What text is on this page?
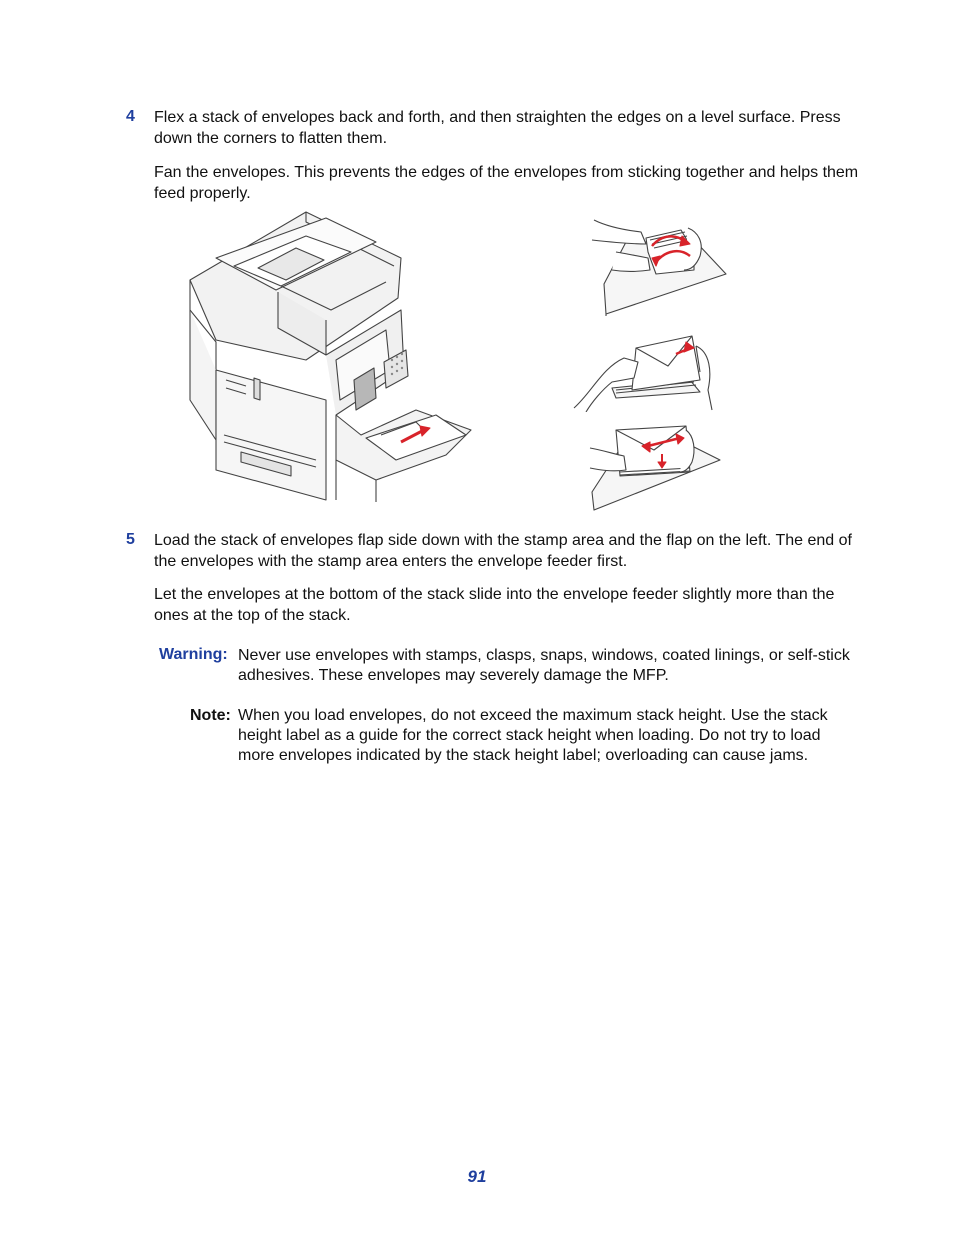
4 Flex a stack of envelopes back and forth, and then straighten the edges on a level surface. Press down the corners to flatten them.

Fan the envelopes. This prevents the edges of the envelopes from sticking together and helps them feed properly.

5 Load the stack of envelopes flap side down with the stamp area and the flap on the left. The end of the envelopes with the stamp area enters the envelope feeder first.

Let the envelopes at the bottom of the stack slide into the envelope feeder slightly more than the ones at the top of the stack.

Warning: Never use envelopes with stamps, clasps, snaps, windows, coated linings, or self-stick adhesives. These envelopes may severely damage the MFP.

Note: When you load envelopes, do not exceed the maximum stack height. Use the stack height label as a guide for the correct stack height when loading. Do not try to load more envelopes indicated by the stack height label; overloading can cause jams.

91
